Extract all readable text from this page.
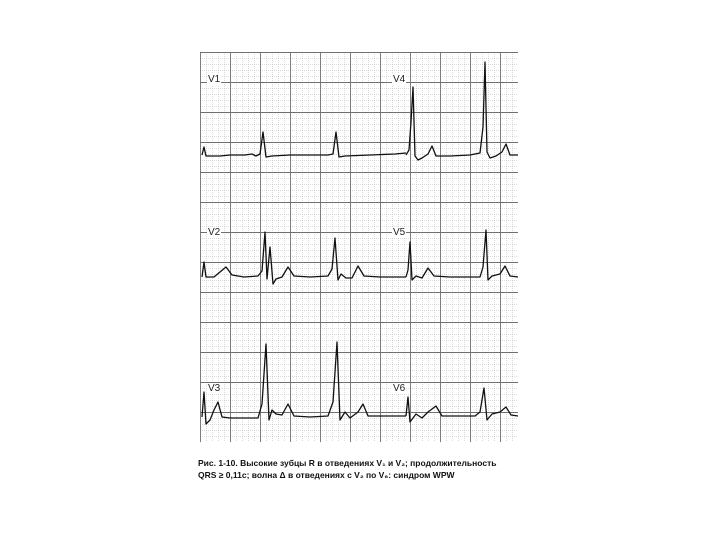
V1
V2
V3
V4
V5
V6
Рис. 1-10. Высокие зубцы R в отведениях V₁ и V₂; продолжительность
QRS ≥ 0,11с; волна Δ в отведениях с V₂ по V₆: синдром WPW
